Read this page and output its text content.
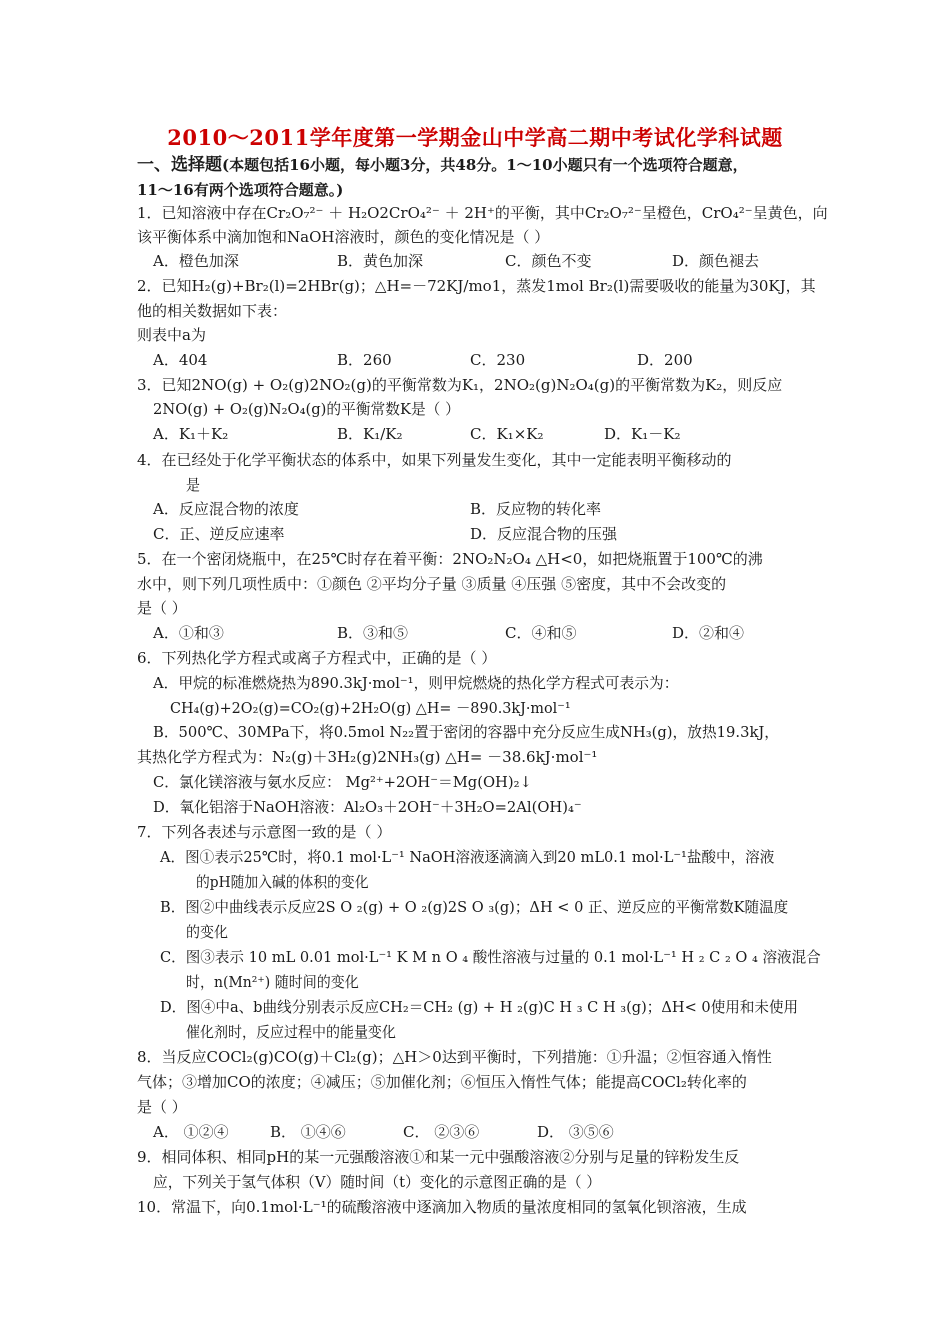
2010～2011学年度第一学期金山中学高二期中考试化学科试题
一、选择题(本题包括16小题，每小题3分，共48分。1～10小题只有一个选项符合题意，
11～16有两个选项符合题意。)
1．已知溶液中存在Cr₂O₇²⁻ ＋ H₂O2CrO₄²⁻ ＋ 2H⁺的平衡，其中Cr₂O₇²⁻呈橙色，CrO₄²⁻呈黄色，向
该平衡体系中滴加饱和NaOH溶液时，颜色的变化情况是（ ）
A．橙色加深	B．黄色加深	C．颜色不变	D．颜色褪去
2．已知H₂(g)+Br₂(l)=2HBr(g)；△H=－72KJ/mo1，蒸发1mol Br₂(l)需要吸收的能量为30KJ，其
他的相关数据如下表：
则表中a为
A．404	B．260	C．230	D．200
3．已知2NO(g) + O₂(g)2NO₂(g)的平衡常数为K₁，2NO₂(g)N₂O₄(g)的平衡常数为K₂，则反应
2NO(g) + O₂(g)N₂O₄(g)的平衡常数K是（ ）
A．K₁＋K₂	B．K₁/K₂	C．K₁×K₂	D．K₁－K₂
4．在已经处于化学平衡状态的体系中，如果下列量发生变化，其中一定能表明平衡移动的
是
A．反应混合物的浓度	B．反应物的转化率
C．正、逆反应速率	D．反应混合物的压强
5．在一个密闭烧瓶中，在25℃时存在着平衡：2NO₂N₂O₄ △H<0，如把烧瓶置于100℃的沸
水中，则下列几项性质中：①颜色 ②平均分子量 ③质量 ④压强 ⑤密度，其中不会改变的
是（ ）
A．①和③	B．③和⑤	C．④和⑤	D．②和④
6．下列热化学方程式或离子方程式中，正确的是（ ）
A．甲烷的标准燃烧热为890.3kJ·mol⁻¹，则甲烷燃烧的热化学方程式可表示为：
CH₄(g)+2O₂(g)=CO₂(g)+2H₂O(g) △H= －890.3kJ·mol⁻¹
B．500℃、30MPa下，将0.5mol N₂₂置于密闭的容器中充分反应生成NH₃(g)，放热19.3kJ，
其热化学方程式为：N₂(g)＋3H₂(g)2NH₃(g) △H= －38.6kJ·mol⁻¹
C．氯化镁溶液与氨水反应： Mg²⁺+2OH⁻＝Mg(OH)₂↓
D．氧化铝溶于NaOH溶液：Al₂O₃＋2OH⁻＋3H₂O=2Al(OH)₄⁻
7．下列各表述与示意图一致的是（ ）
A．图①表示25℃时，将0.1 mol·L⁻¹ NaOH溶液逐滴滴入到20 mL0.1 mol·L⁻¹盐酸中，溶液
的pH随加入碱的体积的变化
B．图②中曲线表示反应2S O ₂(g) + O ₂(g)2S O ₃(g)；ΔH < 0 正、逆反应的平衡常数K随温度
的变化
C．图③表示 10 mL 0.01 mol·L⁻¹ K M n O ₄ 酸性溶液与过量的 0.1 mol·L⁻¹ H ₂ C ₂ O ₄ 溶液混合
时，n(Mn²⁺) 随时间的变化
D．图④中a、b曲线分别表示反应CH₂＝CH₂ (g) + H ₂(g)C H ₃ C H ₃(g)；ΔH< 0使用和未使用
催化剂时，反应过程中的能量变化
8．当反应COCl₂(g)CO(g)＋Cl₂(g)；△H＞0达到平衡时，下列措施：①升温；②恒容通入惰性
气体；③增加CO的浓度；④减压；⑤加催化剂；⑥恒压入惰性气体；能提高COCl₂转化率的
是（ ）
A． ①②④	B． ①④⑥	C． ②③⑥	D． ③⑤⑥
9．相同体积、相同pH的某一元强酸溶液①和某一元中强酸溶液②分别与足量的锌粉发生反
应，下列关于氢气体积（V）随时间（t）变化的示意图正确的是（ ）
10．常温下，向0.1mol·L⁻¹的硫酸溶液中逐滴加入物质的量浓度相同的氢氧化钡溶液，生成
